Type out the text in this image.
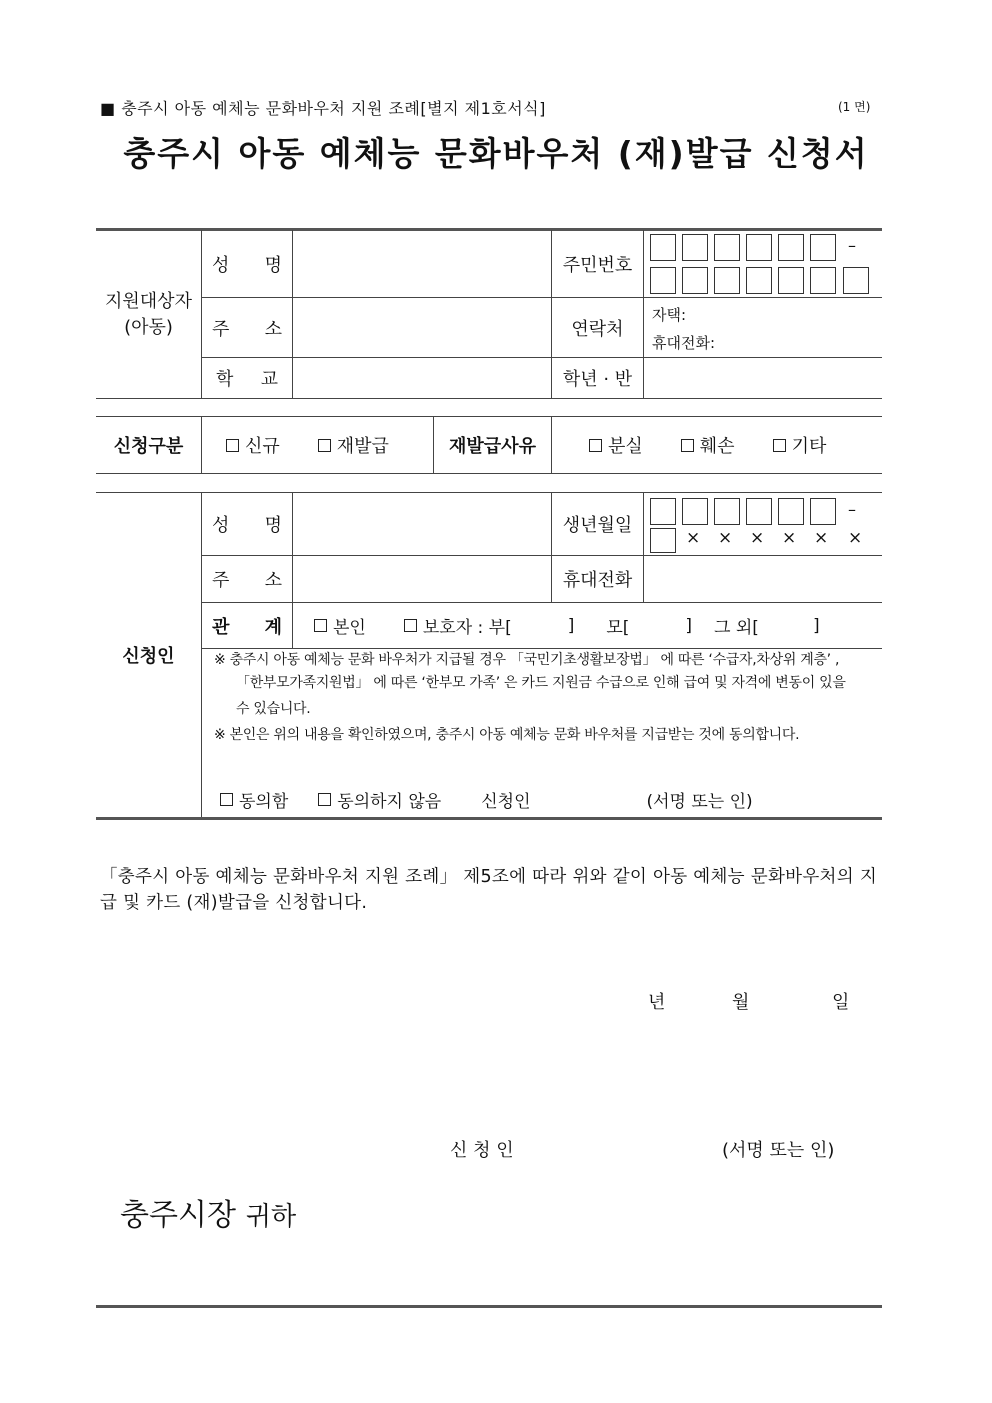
■ 충주시 아동 예체능 문화바우처 지원 조례[별지 제1호서식]	(1 면)
충주시 아동 예체능 문화바우처 (재)발급 신청서
지원대상자
(아동)
성 명	주민번호
–
주 소	연락처
자택:
휴대전화:
학 교	학년 · 반
신청구분	신규	재발급	재발급사유	분실	훼손	기타
신청인
성 명	생년월일
–
× × × × × ×
주 소	휴대전화
관 계	본인	보호자 : 부[	] 모[	] 그 외[	]
※ 충주시 아동 예체능 문화 바우처가 지급될 경우 「국민기초생활보장법」 에 따른 ‘수급자,차상위 계층’ ,
「한부모가족지원법」 에 따른 ‘한부모 가족’ 은 카드 지원금 수급으로 인해 급여 및 자격에 변동이 있을
수 있습니다.
※ 본인은 위의 내용을 확인하였으며, 충주시 아동 예체능 문화 바우처를 지급받는 것에 동의합니다.
동의함	동의하지 않음 신청인	(서명 또는 인)
「충주시 아동 예체능 문화바우처 지원 조례」 제5조에 따라 위와 같이 아동 예체능 문화바우처의 지급 및 카드 (재)발급을 신청합니다.
년	월	일
신 청 인	(서명 또는 인)
충주시장 귀하
